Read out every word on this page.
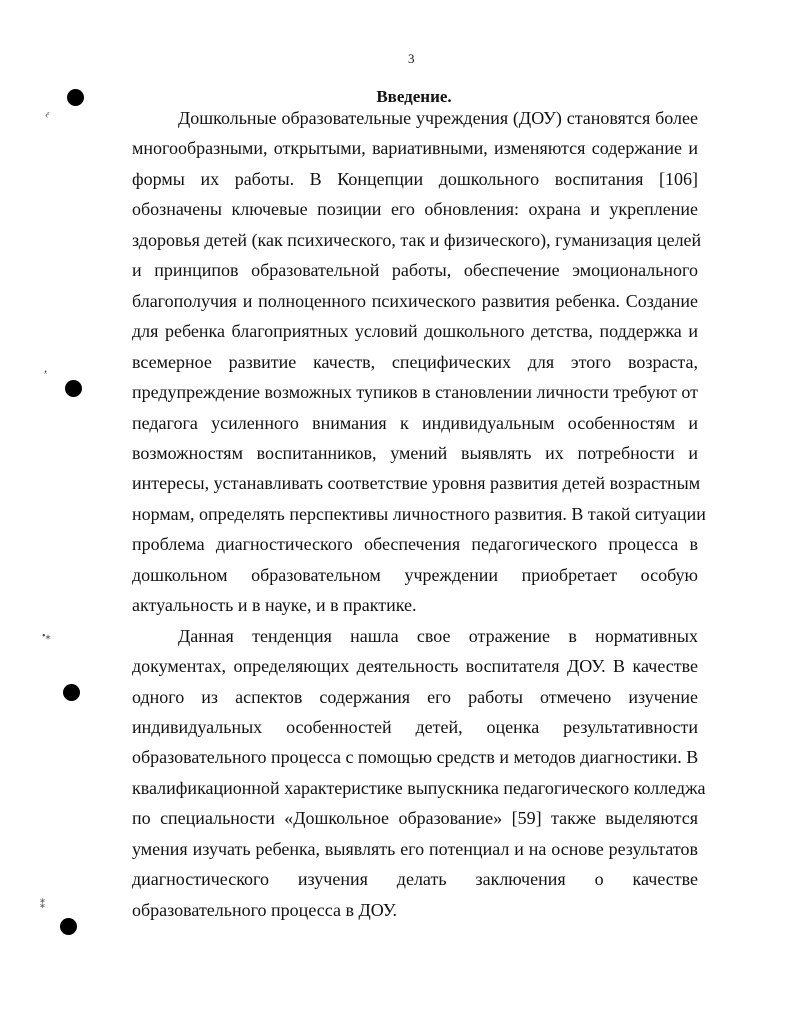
3
Введение.
Дошкольные образовательные учреждения (ДОУ) становятся более
многообразными, открытыми, вариативными, изменяются содержание и
формы их работы. В Концепции дошкольного воспитания [106]
обозначены ключевые позиции его обновления: охрана и укрепление
здоровья детей (как психического, так и физического), гуманизация целей
и принципов образовательной работы, обеспечение эмоционального
благополучия и полноценного психического развития ребенка. Создание
для ребенка благоприятных условий дошкольного детства, поддержка и
всемерное развитие качеств, специфических для этого возраста,
предупреждение возможных тупиков в становлении личности требуют от
педагога усиленного внимания к индивидуальным особенностям и
возможностям воспитанников, умений выявлять их потребности и
интересы, устанавливать соответствие уровня развития детей возрастным
нормам, определять перспективы личностного развития. В такой ситуации
проблема диагностического обеспечения педагогического процесса в
дошкольном образовательном учреждении приобретает особую
актуальность и в науке, и в практике.
Данная тенденция нашла свое отражение в нормативных
документах, определяющих деятельность воспитателя ДОУ. В качестве
одного из аспектов содержания его работы отмечено изучение
индивидуальных особенностей детей, оценка результативности
образовательного процесса с помощью средств и методов диагностики. В
квалификационной характеристике выпускника педагогического колледжа
по специальности «Дошкольное образование» [59] также выделяются
умения изучать ребенка, выявлять его потенциал и на основе результатов
диагностического изучения делать заключения о качестве
образовательного процесса в ДОУ.
‹ͬ
ᵜ
•⁎
⁑
